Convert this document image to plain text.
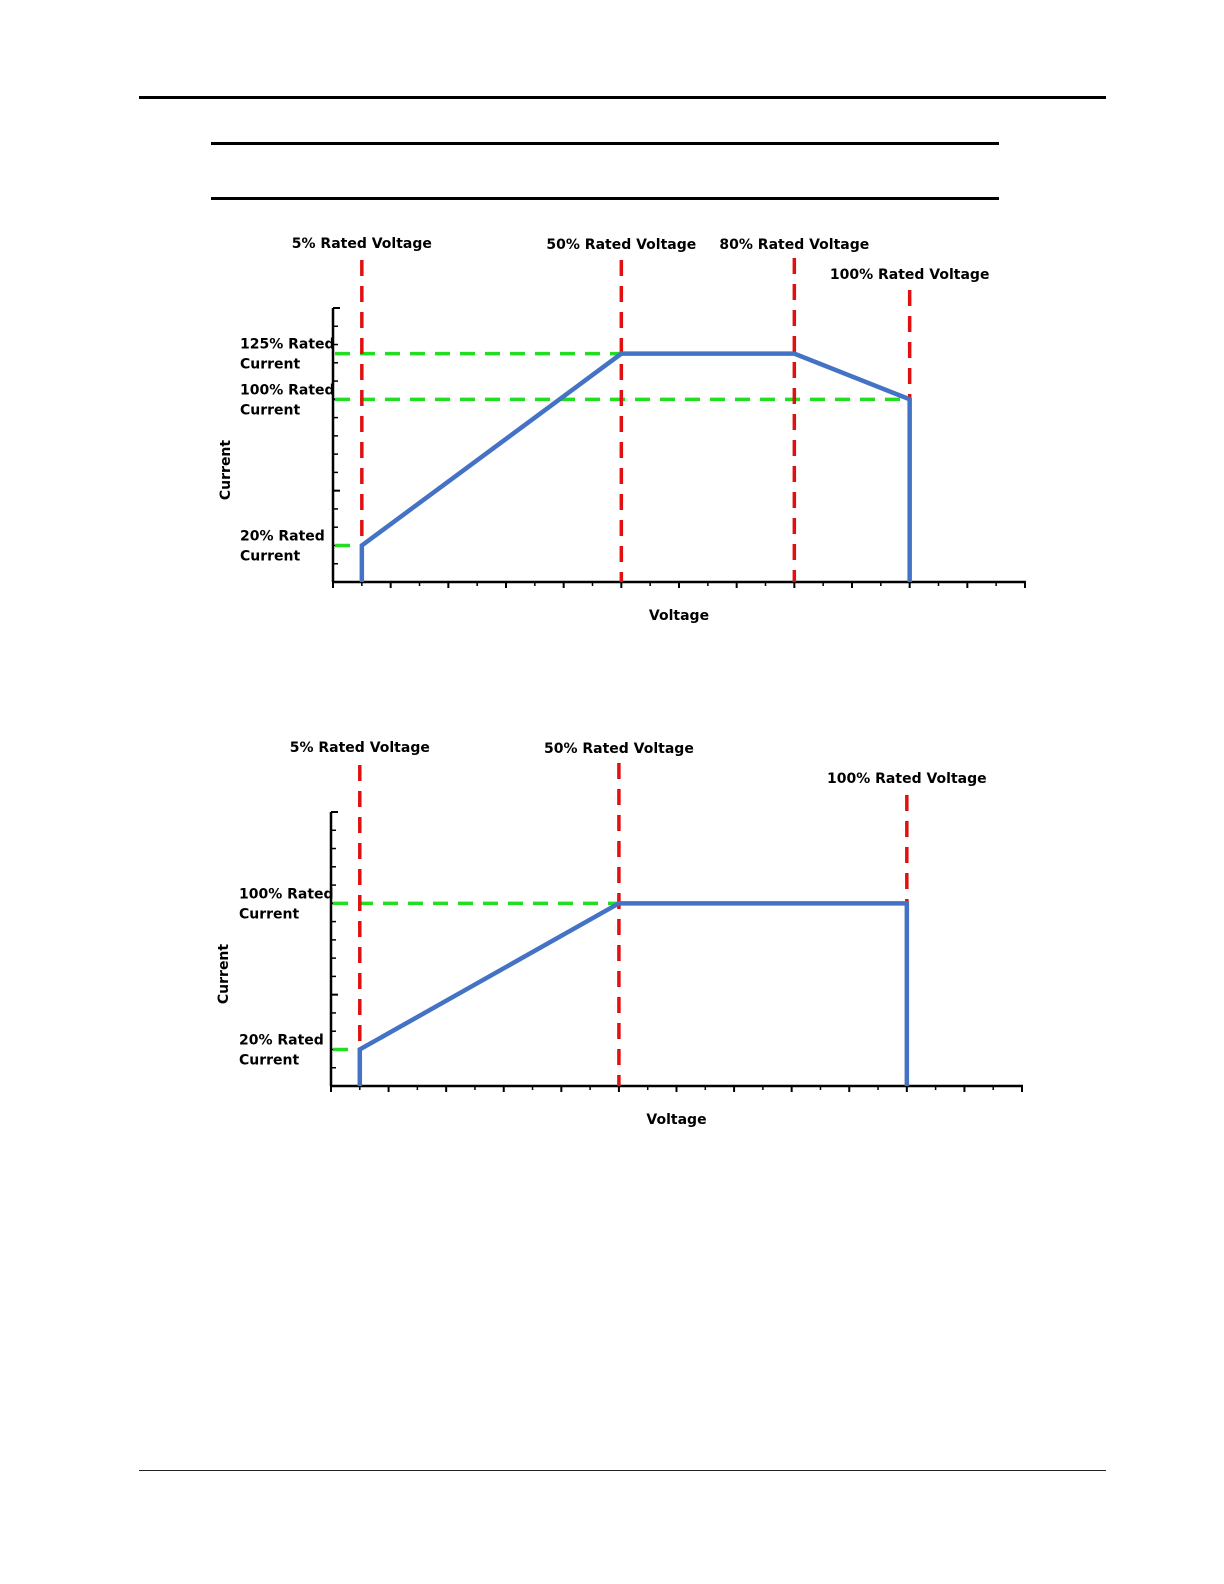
125% Rated
Current
100% Rated
Current
20% Rated
Current
5% Rated Voltage	50% Rated Voltage 80% Rated Voltage
100% Rated Voltage
Voltage
Current
100% Rated
Current
20% Rated
Current
5% Rated Voltage	50% Rated Voltage
100% Rated Voltage
Voltage
Current
